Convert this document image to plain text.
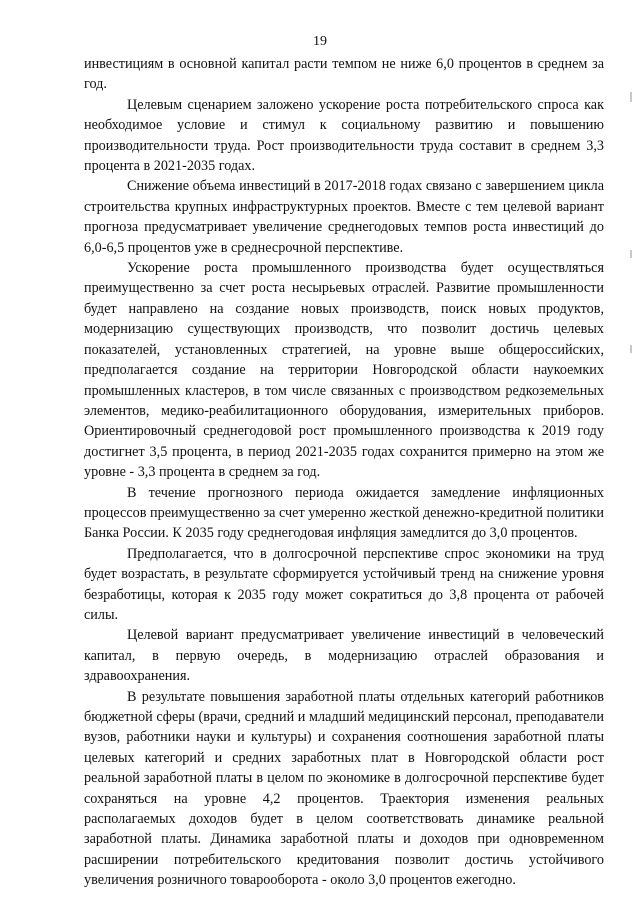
19

инвестициям в основной капитал расти темпом не ниже 6,0 процентов в среднем за год.

Целевым сценарием заложено ускорение роста потребительского спроса как необходимое условие и стимул к социальному развитию и повышению производительности труда. Рост производительности труда составит в среднем 3,3 процента в 2021-2035 годах.

Снижение объема инвестиций в 2017-2018 годах связано с завершением цикла строительства крупных инфраструктурных проектов. Вместе с тем целевой вариант прогноза предусматривает увеличение среднегодовых темпов роста инвестиций до 6,0-6,5 процентов уже в среднесрочной перспективе.

Ускорение роста промышленного производства будет осуществляться преимущественно за счет роста несырьевых отраслей. Развитие промышленности будет направлено на создание новых производств, поиск новых продуктов, модернизацию существующих производств, что позволит достичь целевых показателей, установленных стратегией, на уровне выше общероссийских, предполагается создание на территории Новгородской области наукоемких промышленных кластеров, в том числе связанных с производством редкоземельных элементов, медико-реабилитационного оборудования, измерительных приборов. Ориентировочный среднегодовой рост промышленного производства к 2019 году достигнет 3,5 процента, в период 2021-2035 годах сохранится примерно на этом же уровне - 3,3 процента в среднем за год.

В течение прогнозного периода ожидается замедление инфляционных процессов преимущественно за счет умеренно жесткой денежно-кредитной политики Банка России. К 2035 году среднегодовая инфляция замедлится до 3,0 процентов.

Предполагается, что в долгосрочной перспективе спрос экономики на труд будет возрастать, в результате сформируется устойчивый тренд на снижение уровня безработицы, которая к 2035 году может сократиться до 3,8 процента от рабочей силы.

Целевой вариант предусматривает увеличение инвестиций в человеческий капитал, в первую очередь, в модернизацию отраслей образования и здравоохранения.

В результате повышения заработной платы отдельных категорий работников бюджетной сферы (врачи, средний и младший медицинский персонал, преподаватели вузов, работники науки и культуры) и сохранения соотношения заработной платы целевых категорий и средних заработных плат в Новгородской области рост реальной заработной платы в целом по экономике в долгосрочной перспективе будет сохраняться на уровне 4,2 процентов. Траектория изменения реальных располагаемых доходов будет в целом соответствовать динамике реальной заработной платы. Динамика заработной платы и доходов при одновременном расширении потребительского кредитования позволит достичь устойчивого увеличения розничного товарооборота - около 3,0 процентов ежегодно.
